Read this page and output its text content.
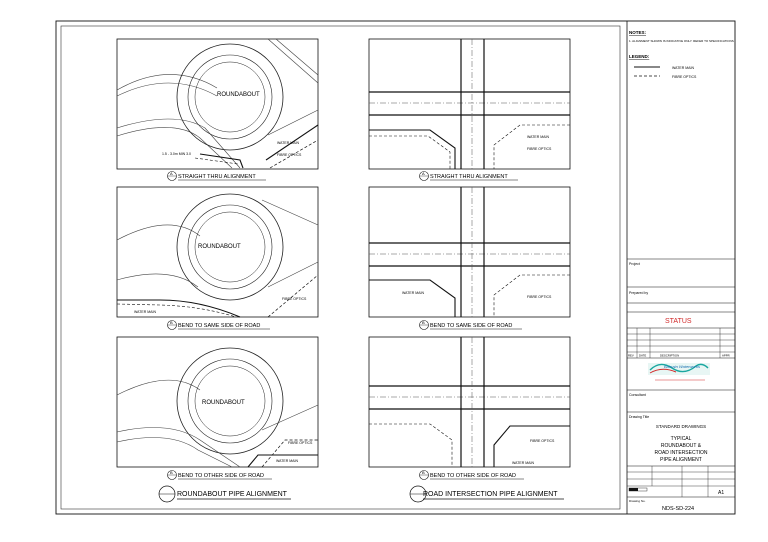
ROUNDABOUT
1.5 - 3.0m MIN 3.0
WATER MAIN
FIBRE OPTICS
ROUNDABOUT
WATER MAIN
FIBRE OPTICS
ROUNDABOUT
FIBRE OPTICS
WATER MAIN
WATER MAIN
FIBRE OPTICS
WATER MAIN
FIBRE OPTICS
FIBRE OPTICS
WATER MAIN
A
STRAIGHT THRU ALIGNMENT
B
BEND TO SAME SIDE OF ROAD
B
BEND TO OTHER SIDE OF ROAD
A
STRAIGHT THRU ALIGNMENT
B
BEND TO SAME SIDE OF ROAD
B
BEND TO OTHER SIDE OF ROAD
ROUNDABOUT PIPE ALIGNMENT	ROAD INTERSECTION PIPE ALIGNMENT
NOTES:
1. ALIGNMENT SHOWN IS INDICATIVE ONLY. REFER TO SPECIFICATIONS
LEGEND:
WATER MAIN
FIBRE OPTICS
Project
Prepared by
STATUS
REV DATE	DESCRIPTION	APPR
Bahrain Waterworks
Consultant
Drawing Title
STANDARD DRAWINGS
TYPICAL
ROUNDABOUT &
ROAD INTERSECTION
PIPE ALIGNMENT
A1
Drawing No.
NDS-SD-224
